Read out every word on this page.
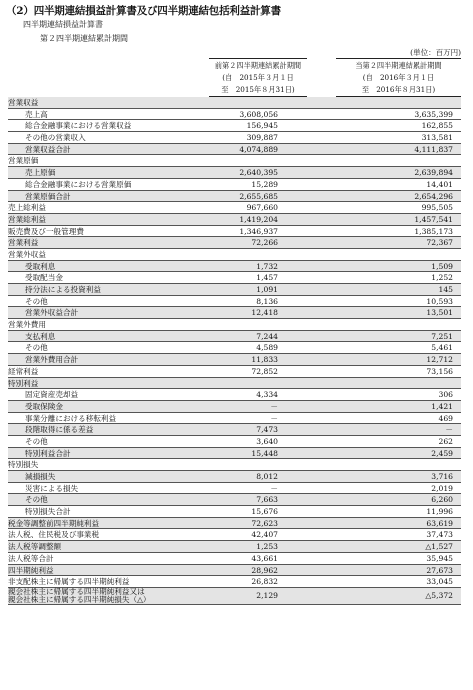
（2）四半期連結損益計算書及び四半期連結包括利益計算書
四半期連結損益計算書
第２四半期連結累計期間
(単位：百万円)
前第２四半期連結累計期間
(自　2015年３月１日
至　2015年８月31日)
当第２四半期連結累計期間
(自　2016年３月１日
至　2016年８月31日)
営業収益
売上高	3,608,056	3,635,399
総合金融事業における営業収益	156,945	162,855
その他の営業収入	309,887	313,581
営業収益合計	4,074,889	4,111,837
営業原価
売上原価	2,640,395	2,639,894
総合金融事業における営業原価	15,289	14,401
営業原価合計	2,655,685	2,654,296
売上総利益	967,660	995,505
営業総利益	1,419,204	1,457,541
販売費及び一般管理費	1,346,937	1,385,173
営業利益	72,266	72,367
営業外収益
受取利息	1,732	1,509
受取配当金	1,457	1,252
持分法による投資利益	1,091	145
その他	8,136	10,593
営業外収益合計	12,418	13,501
営業外費用
支払利息	7,244	7,251
その他	4,589	5,461
営業外費用合計	11,833	12,712
経常利益	72,852	73,156
特別利益
固定資産売却益	4,334	306
受取保険金	－	1,421
事業分離における移転利益	－	469
段階取得に係る差益	7,473	－
その他	3,640	262
特別利益合計	15,448	2,459
特別損失
減損損失	8,012	3,716
災害による損失	－	2,019
その他	7,663	6,260
特別損失合計	15,676	11,996
税金等調整前四半期純利益	72,623	63,619
法人税、住民税及び事業税	42,407	37,473
法人税等調整額	1,253	△1,527
法人税等合計	43,661	35,945
四半期純利益	28,962	27,673
非支配株主に帰属する四半期純利益	26,832	33,045
親会社株主に帰属する四半期純利益又は
親会社株主に帰属する四半期純損失（△）	2,129	△5,372
